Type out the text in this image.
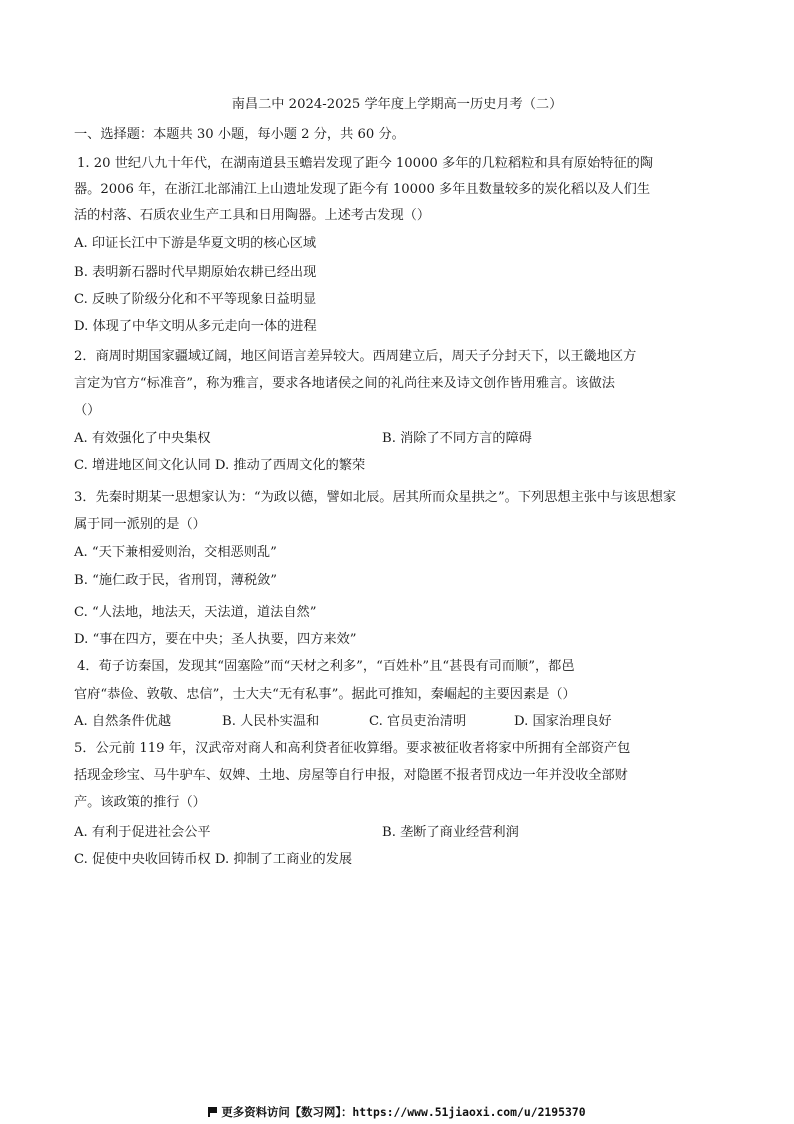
南昌二中 2024-2025 学年度上学期高一历史月考（二）
一、选择题：本题共 30 小题，每小题 2 分，共 60 分。
1. 20 世纪八九十年代，在湖南道县玉蟾岩发现了距今 10000 多年的几粒稻粒和具有原始特征的陶
器。2006 年，在浙江北部浦江上山遗址发现了距今有 10000 多年且数量较多的炭化稻以及人们生
活的村落、石质农业生产工具和日用陶器。上述考古发现（）
A. 印证长江中下游是华夏文明的核心区域
B. 表明新石器时代早期原始农耕已经出现
C. 反映了阶级分化和不平等现象日益明显
D. 体现了中华文明从多元走向一体的进程
2．商周时期国家疆域辽阔，地区间语言差异较大。西周建立后，周天子分封天下，以王畿地区方
言定为官方“标准音”，称为雅言，要求各地诸侯之间的礼尚往来及诗文创作皆用雅言。该做法
（）
A. 有效强化了中央集权	B. 消除了不同方言的障碍
C. 增进地区间文化认同 D. 推动了西周文化的繁荣
3．先秦时期某一思想家认为：“为政以德，譬如北辰。居其所而众星拱之”。下列思想主张中与该思想家
属于同一派别的是（）
A. “天下兼相爱则治，交相恶则乱”
B. “施仁政于民，省刑罚，薄税敛”
C. “人法地，地法天，天法道，道法自然”
D. “事在四方，要在中央；圣人执要，四方来效”
4．荀子访秦国，发现其“固塞险”而“天材之利多”，“百姓朴”且“甚畏有司而顺”，都邑
官府“恭俭、敦敬、忠信”，士大夫“无有私事”。据此可推知，秦崛起的主要因素是（）
A. 自然条件优越	B. 人民朴实温和	C. 官员吏治清明	D. 国家治理良好
5．公元前 119 年，汉武帝对商人和高利贷者征收算缗。要求被征收者将家中所拥有全部资产包
括现金珍宝、马牛驴车、奴婢、土地、房屋等自行申报，对隐匿不报者罚戍边一年并没收全部财
产。该政策的推行（）
A. 有利于促进社会公平	B. 垄断了商业经营利润
C. 促使中央收回铸币权 D. 抑制了工商业的发展
更多资料访问【数习网】：https://www.51jiaoxi.com/u/2195370
